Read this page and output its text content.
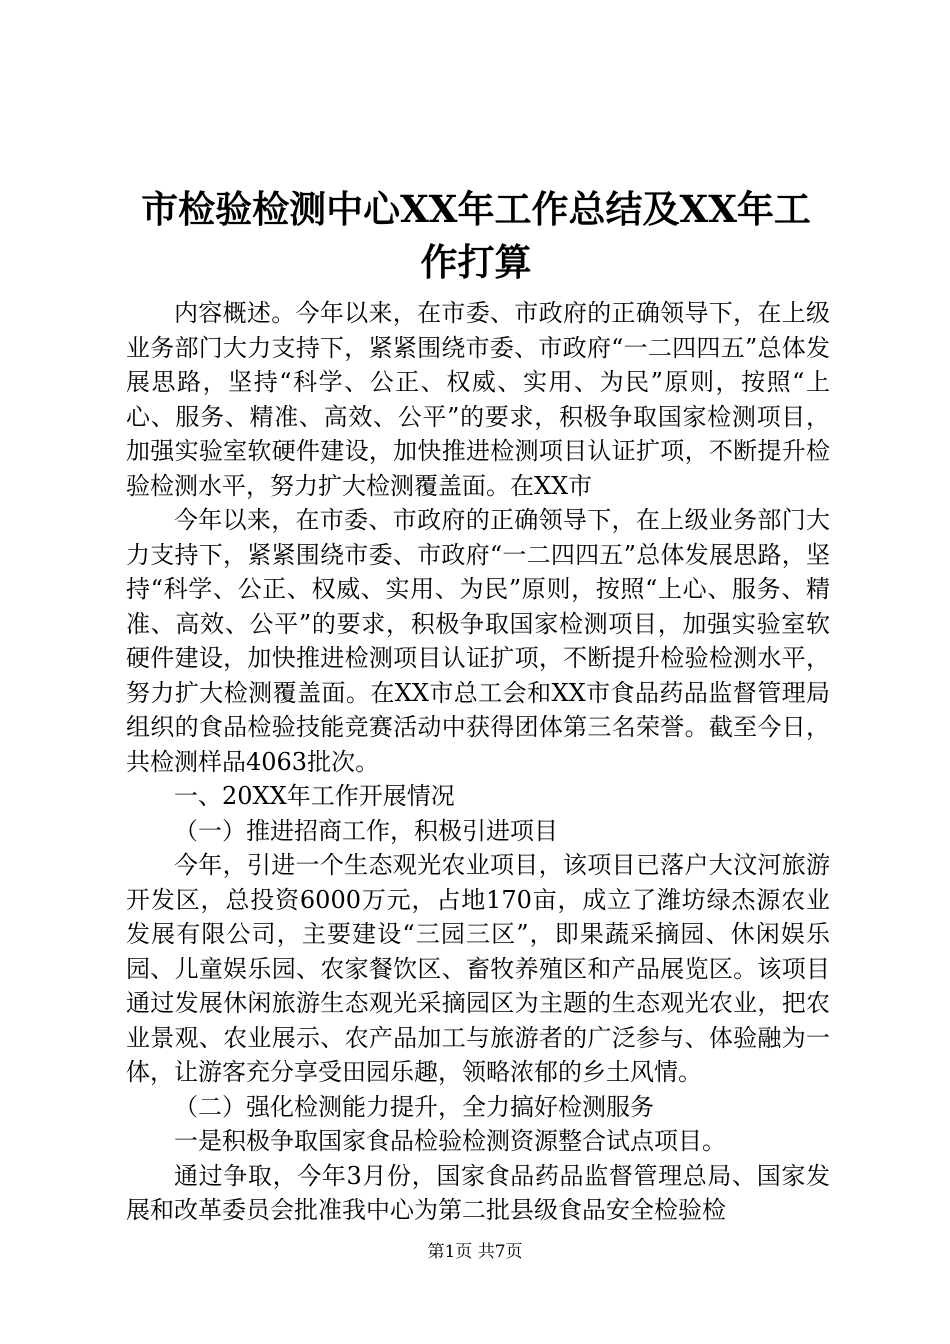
市检验检测中心XX年工作总结及XX年工作打算

内容概述。今年以来，在市委、市政府的正确领导下，在上级业务部门大力支持下，紧紧围绕市委、市政府“一二四四五”总体发展思路，坚持“科学、公正、权威、实用、为民”原则，按照“上心、服务、精准、高效、公平”的要求，积极争取国家检测项目，加强实验室软硬件建设，加快推进检测项目认证扩项，不断提升检验检测水平，努力扩大检测覆盖面。在XX市

今年以来，在市委、市政府的正确领导下，在上级业务部门大力支持下，紧紧围绕市委、市政府“一二四四五”总体发展思路，坚持“科学、公正、权威、实用、为民”原则，按照“上心、服务、精准、高效、公平”的要求，积极争取国家检测项目，加强实验室软硬件建设，加快推进检测项目认证扩项，不断提升检验检测水平，努力扩大检测覆盖面。在XX市总工会和XX市食品药品监督管理局组织的食品检验技能竞赛活动中获得团体第三名荣誉。截至今日，共检测样品4063批次。

一、20XX年工作开展情况

（一）推进招商工作，积极引进项目

今年，引进一个生态观光农业项目，该项目已落户大汶河旅游开发区，总投资6000万元，占地170亩，成立了潍坊绿杰源农业发展有限公司，主要建设“三园三区”，即果蔬采摘园、休闲娱乐园、儿童娱乐园、农家餐饮区、畜牧养殖区和产品展览区。该项目通过发展休闲旅游生态观光采摘园区为主题的生态观光农业，把农业景观、农业展示、农产品加工与旅游者的广泛参与、体验融为一体，让游客充分享受田园乐趣，领略浓郁的乡土风情。

（二）强化检测能力提升，全力搞好检测服务

一是积极争取国家食品检验检测资源整合试点项目。

通过争取，今年3月份，国家食品药品监督管理总局、国家发展和改革委员会批准我中心为第二批县级食品安全检验检

第1页 共7页
